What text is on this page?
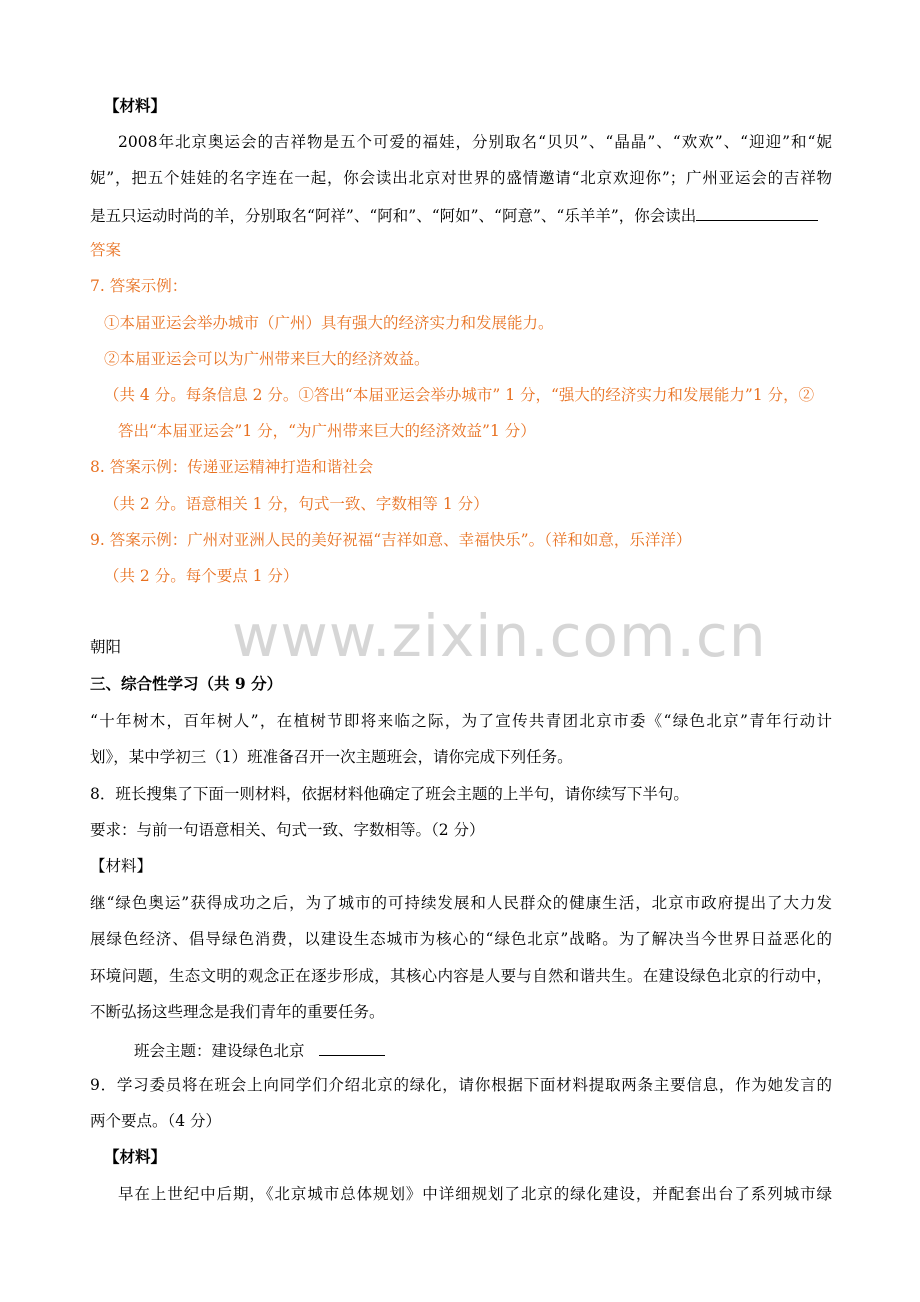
www.zixin.com.cn
【材料】
2008年北京奥运会的吉祥物是五个可爱的福娃，分别取名“贝贝”、“晶晶”、“欢欢”、“迎迎”和“妮
妮”，把五个娃娃的名字连在一起，你会读出北京对世界的盛情邀请“北京欢迎你”；广州亚运会的吉祥物
是五只运动时尚的羊，分别取名“阿祥”、“阿和”、“阿如”、“阿意”、“乐羊羊”，你会读出
答案
7. 答案示例：
①本届亚运会举办城市（广州）具有强大的经济实力和发展能力。
②本届亚运会可以为广州带来巨大的经济效益。
（共 4 分。每条信息 2 分。①答出“本届亚运会举办城市” 1 分，“强大的经济实力和发展能力”1 分，②
答出“本届亚运会”1 分，“为广州带来巨大的经济效益”1 分）
8. 答案示例：传递亚运精神打造和谐社会
（共 2 分。语意相关 1 分，句式一致、字数相等 1 分）
9. 答案示例：广州对亚洲人民的美好祝福“吉祥如意、幸福快乐”。（祥和如意，乐洋洋）
（共 2 分。每个要点 1 分）
朝阳
三、综合性学习（共 9 分）
“十年树木，百年树人”，在植树节即将来临之际，为了宣传共青团北京市委《“绿色北京”青年行动计
划》，某中学初三（1）班准备召开一次主题班会，请你完成下列任务。
8．班长搜集了下面一则材料，依据材料他确定了班会主题的上半句，请你续写下半句。
要求：与前一句语意相关、句式一致、字数相等。（2 分）
【材料】
继“绿色奥运”获得成功之后，为了城市的可持续发展和人民群众的健康生活，北京市政府提出了大力发
展绿色经济、倡导绿色消费，以建设生态城市为核心的“绿色北京”战略。为了解决当今世界日益恶化的
环境问题，生态文明的观念正在逐步形成，其核心内容是人要与自然和谐共生。在建设绿色北京的行动中，
不断弘扬这些理念是我们青年的重要任务。
班会主题：建设绿色北京
9．学习委员将在班会上向同学们介绍北京的绿化，请你根据下面材料提取两条主要信息，作为她发言的
两个要点。（4 分）
【材料】
早在上世纪中后期，《北京城市总体规划》中详细规划了北京的绿化建设，并配套出台了系列城市绿
